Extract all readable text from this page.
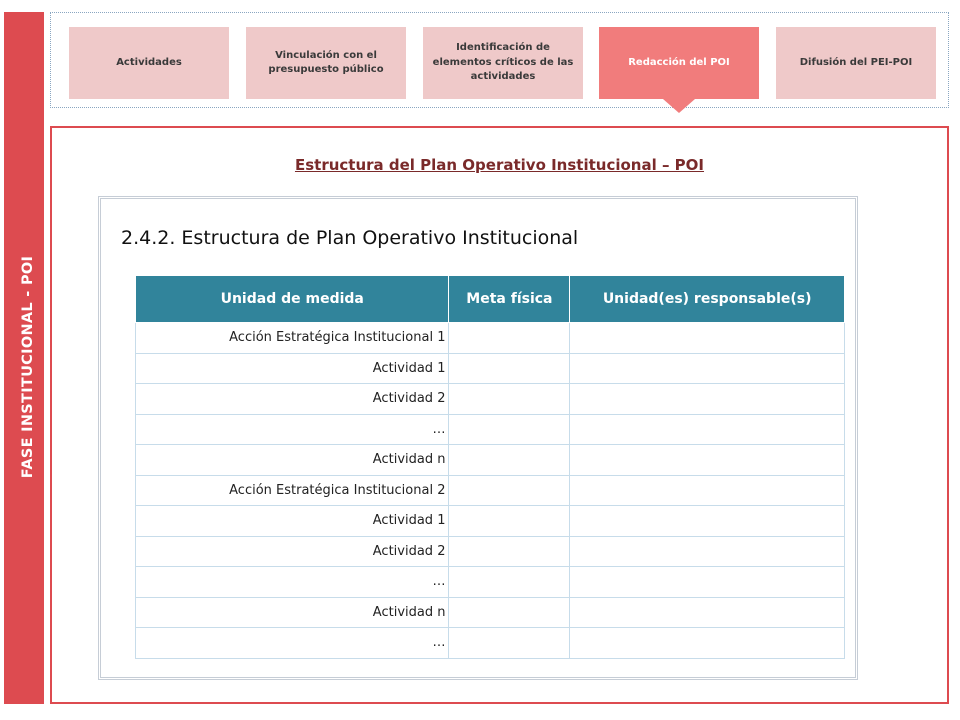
FASE INSTITUCIONAL - POI
Actividades
Vinculación con el presupuesto público
Identificación de elementos críticos de las actividades
Redacción del POI	Difusión del PEI-POI
Estructura del Plan Operativo Institucional – POI
2.4.2. Estructura de Plan Operativo Institucional
Unidad de medida	Meta física	Unidad(es) responsable(s)
Acción Estratégica Institucional 1		
Actividad 1		
Actividad 2		
…		
Actividad n		
Acción Estratégica Institucional 2		
Actividad 1		
Actividad 2		
…		
Actividad n		
…		
